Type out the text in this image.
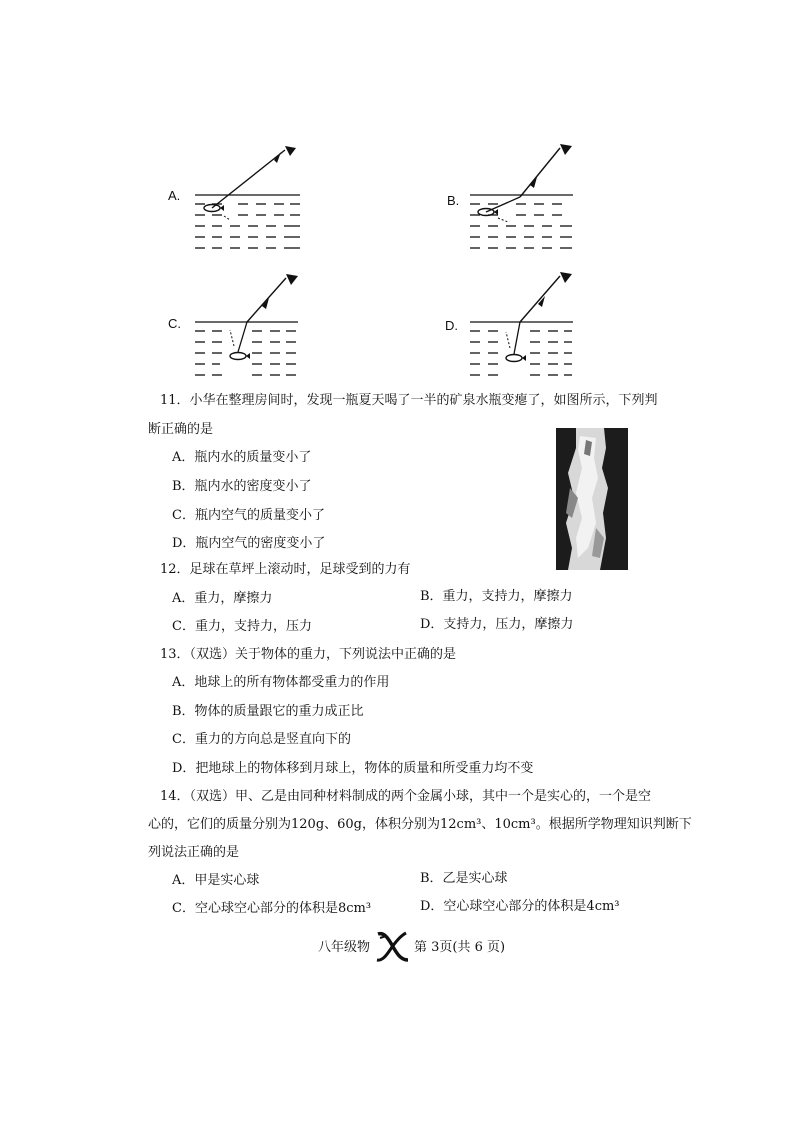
A.	B.
C.	D.
11．小华在整理房间时，发现一瓶夏天喝了一半的矿泉水瓶变瘪了，如图所示，下列判
断正确的是
A．瓶内水的质量变小了
B．瓶内水的密度变小了
C．瓶内空气的质量变小了
D．瓶内空气的密度变小了
12．足球在草坪上滚动时，足球受到的力有
A．重力，摩擦力	B．重力，支持力，摩擦力
C．重力，支持力，压力	D．支持力，压力，摩擦力
13．（双选）关于物体的重力，下列说法中正确的是
A．地球上的所有物体都受重力的作用
B．物体的质量跟它的重力成正比
C．重力的方向总是竖直向下的
D．把地球上的物体移到月球上，物体的质量和所受重力均不变
14．（双选）甲、乙是由同种材料制成的两个金属小球，其中一个是实心的，一个是空
心的，它们的质量分别为120g、60g，体积分别为12cm³、10cm³。根据所学物理知识判断下
列说法正确的是
A．甲是实心球	B．乙是实心球
C．空心球空心部分的体积是8cm³	D．空心球空心部分的体积是4cm³
八年级物	第 3页(共 6 页)
